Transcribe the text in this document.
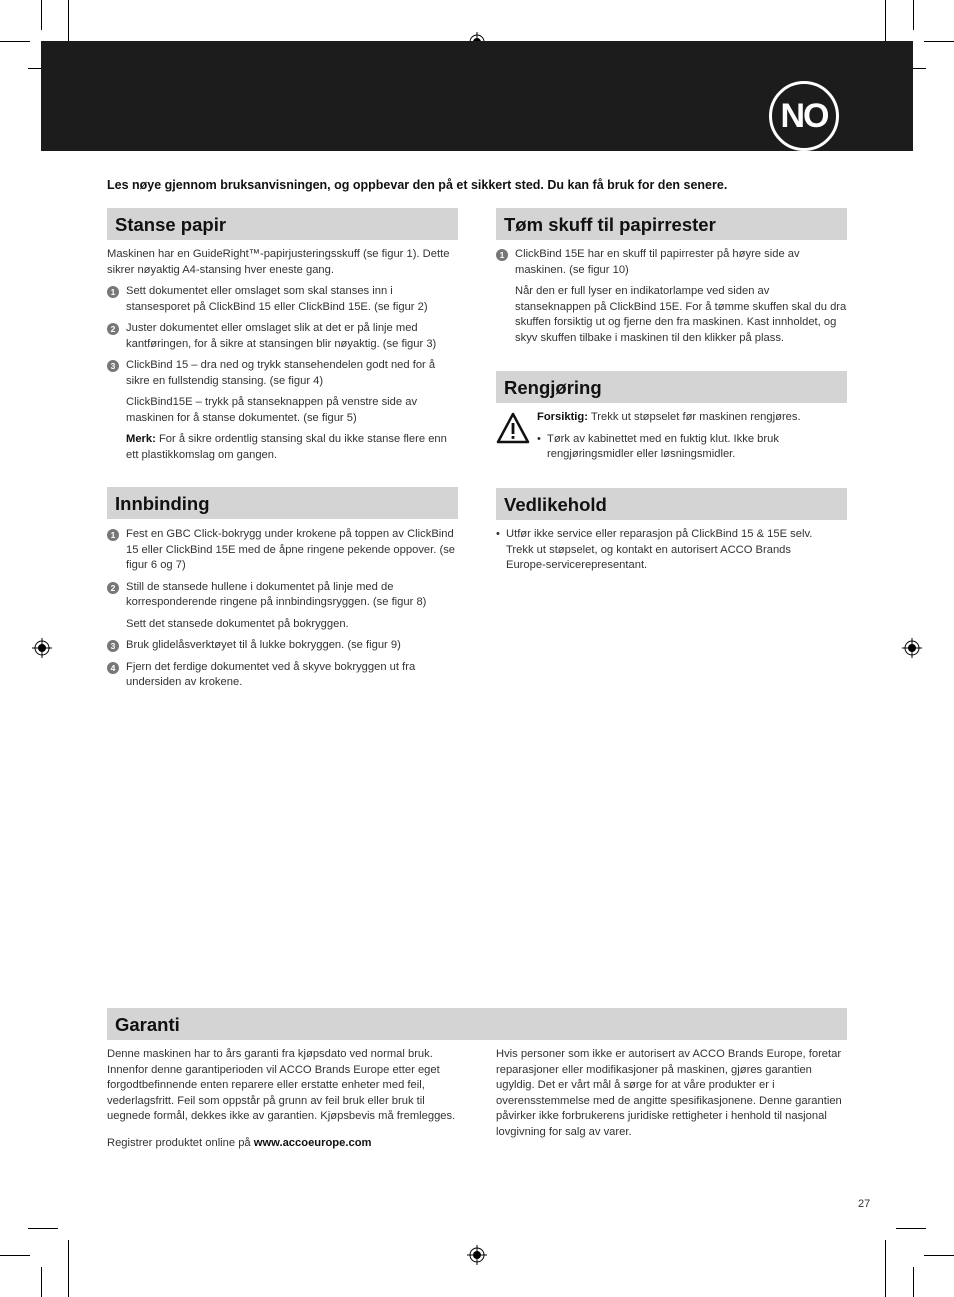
NO
Les nøye gjennom bruksanvisningen, og oppbevar den på et sikkert sted. Du kan få bruk for den senere.
Stanse papir

Maskinen har en GuideRight™-papirjusteringsskuff (se figur 1). Dette sikrer nøyaktig A4-stansing hver eneste gang.

1 Sett dokumentet eller omslaget som skal stanses inn i stansesporet på ClickBind 15 eller ClickBind 15E. (se figur 2)
2 Juster dokumentet eller omslaget slik at det er på linje med kantføringen, for å sikre at stansingen blir nøyaktig. (se figur 3)
3 ClickBind 15 – dra ned og trykk stansehendelen godt ned for å sikre en fullstendig stansing. (se figur 4)
ClickBind15E – trykk på stanseknappen på venstre side av maskinen for å stanse dokumentet. (se figur 5)
Merk: For å sikre ordentlig stansing skal du ikke stanse flere enn ett plastikkomslag om gangen.
Innbinding
1 Fest en GBC Click-bokrygg under krokene på toppen av ClickBind 15 eller ClickBind 15E med de åpne ringene pekende oppover. (se figur 6 og 7)
2 Still de stansede hullene i dokumentet på linje med de korresponderende ringene på innbindingsryggen. (se figur 8)
Sett det stansede dokumentet på bokryggen.
3 Bruk glidelåsverktøyet til å lukke bokryggen. (se figur 9)
4 Fjern det ferdige dokumentet ved å skyve bokryggen ut fra undersiden av krokene.
Tøm skuff til papirrester
1 ClickBind 15E har en skuff til papirrester på høyre side av maskinen. (se figur 10)
Når den er full lyser en indikatorlampe ved siden av stanseknappen på ClickBind 15E. For å tømme skuffen skal du dra skuffen forsiktig ut og fjerne den fra maskinen. Kast innholdet, og skyv skuffen tilbake i maskinen til den klikker på plass.
Rengjøring

Forsiktig: Trekk ut støpselet før maskinen rengjøres.

• Tørk av kabinettet med en fuktig klut. Ikke bruk rengjøringsmidler eller løsningsmidler.
Vedlikehold
• Utfør ikke service eller reparasjon på ClickBind 15 & 15E selv. Trekk ut støpselet, og kontakt en autorisert ACCO Brands Europe-servicerepresentant.
Garanti

Denne maskinen har to års garanti fra kjøpsdato ved normal bruk. Innenfor denne garantiperioden vil ACCO Brands Europe etter eget forgodtbefinnende enten reparere eller erstatte enheter med feil, vederlagsfritt. Feil som oppstår på grunn av feil bruk eller bruk til uegnede formål, dekkes ikke av garantien. Kjøpsbevis må fremlegges.

Registrer produktet online på www.accoeurope.com

Hvis personer som ikke er autorisert av ACCO Brands Europe, foretar reparasjoner eller modifikasjoner på maskinen, gjøres garantien ugyldig. Det er vårt mål å sørge for at våre produkter er i overensstemmelse med de angitte spesifikasjonene. Denne garantien påvirker ikke forbrukerens juridiske rettigheter i henhold til nasjonal lovgivning for salg av varer.

27
